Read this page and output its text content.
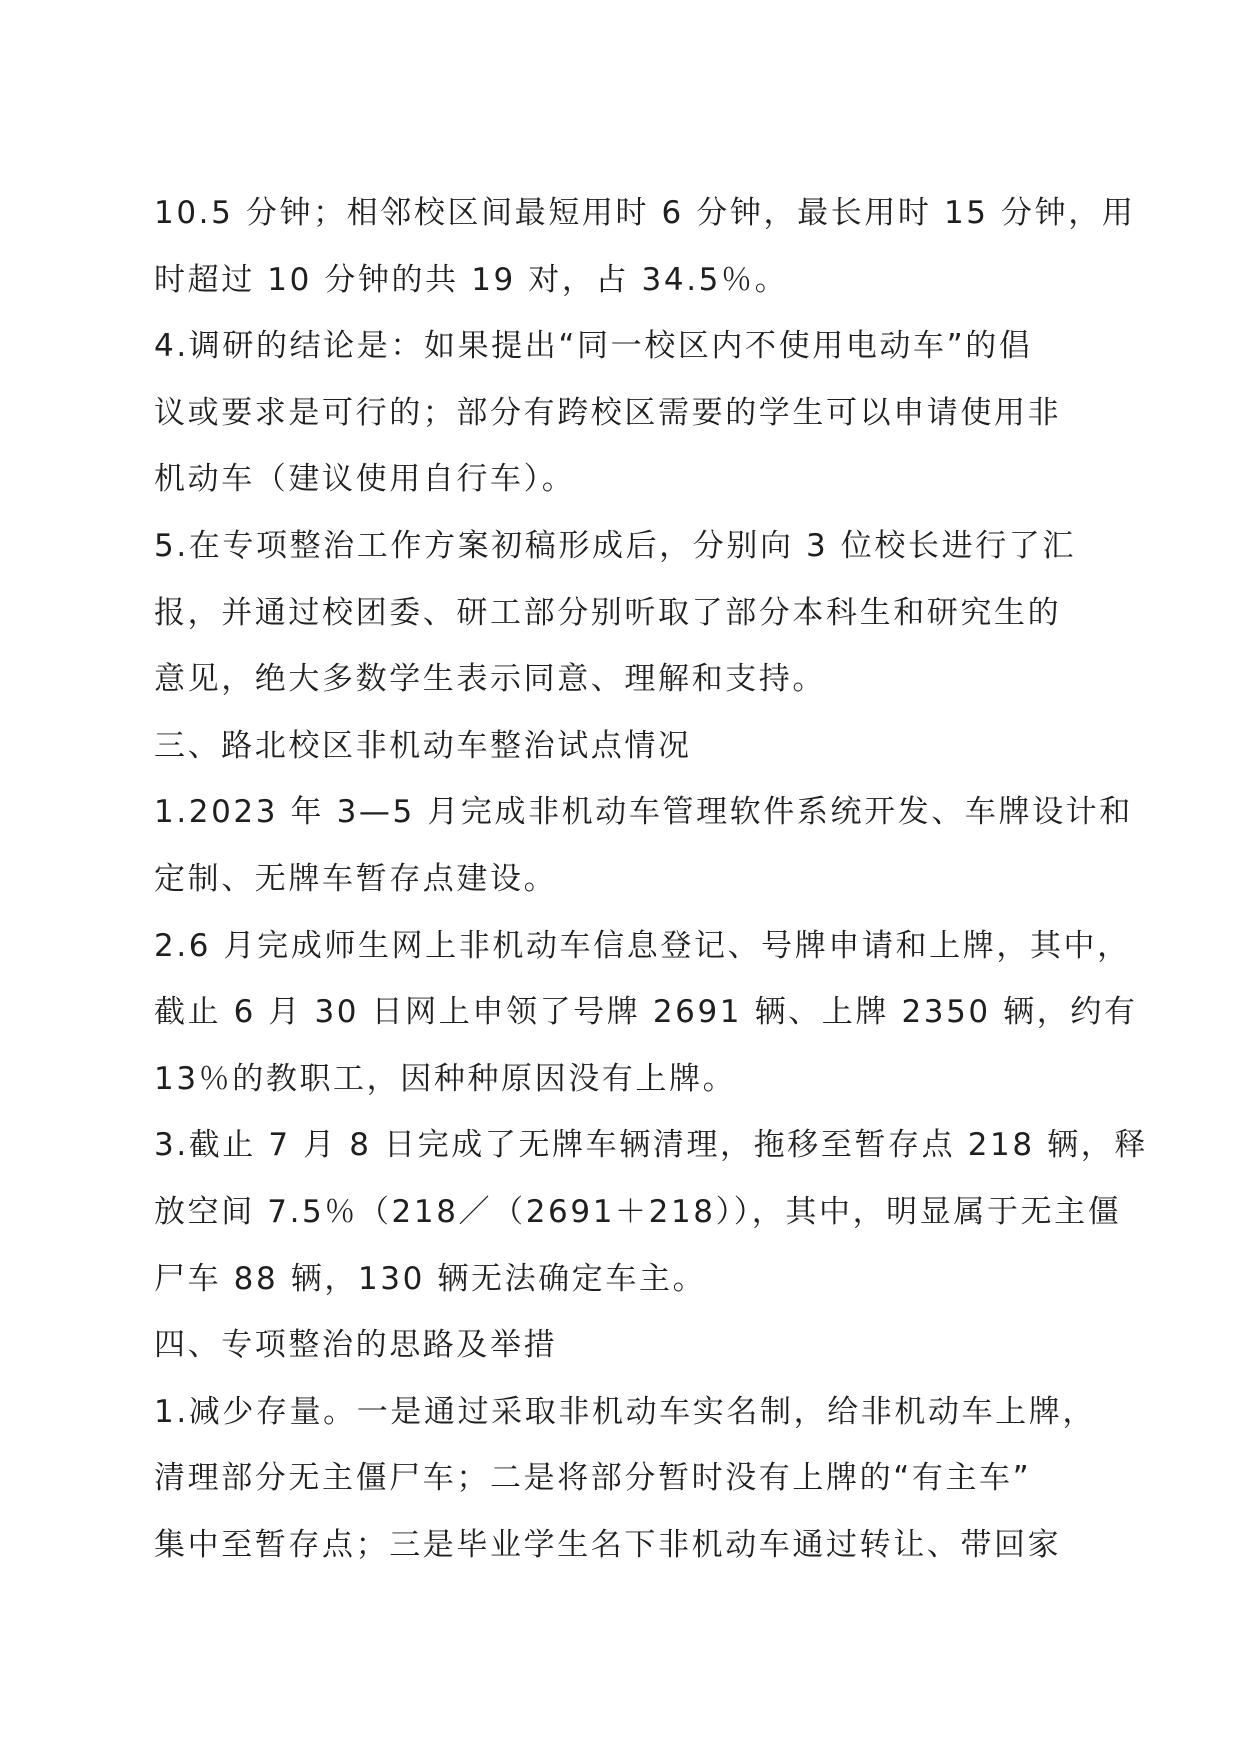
10.5 分钟；相邻校区间最短用时 6 分钟，最长用时 15 分钟，用
时超过 10 分钟的共 19 对，占 34.5％。
4.调研的结论是：如果提出“同一校区内不使用电动车”的倡
议或要求是可行的；部分有跨校区需要的学生可以申请使用非
机动车（建议使用自行车）。
5.在专项整治工作方案初稿形成后，分别向 3 位校长进行了汇
报，并通过校团委、研工部分别听取了部分本科生和研究生的
意见，绝大多数学生表示同意、理解和支持。
三、路北校区非机动车整治试点情况
1.2023 年 3—5 月完成非机动车管理软件系统开发、车牌设计和
定制、无牌车暂存点建设。
2.6 月完成师生网上非机动车信息登记、号牌申请和上牌，其中，
截止 6 月 30 日网上申领了号牌 2691 辆、上牌 2350 辆，约有
13％的教职工，因种种原因没有上牌。
3.截止 7 月 8 日完成了无牌车辆清理，拖移至暂存点 218 辆，释
放空间 7.5％（218／（2691＋218）），其中，明显属于无主僵
尸车 88 辆，130 辆无法确定车主。
四、专项整治的思路及举措
1.减少存量。一是通过采取非机动车实名制，给非机动车上牌，
清理部分无主僵尸车；二是将部分暂时没有上牌的“有主车”
集中至暂存点；三是毕业学生名下非机动车通过转让、带回家
